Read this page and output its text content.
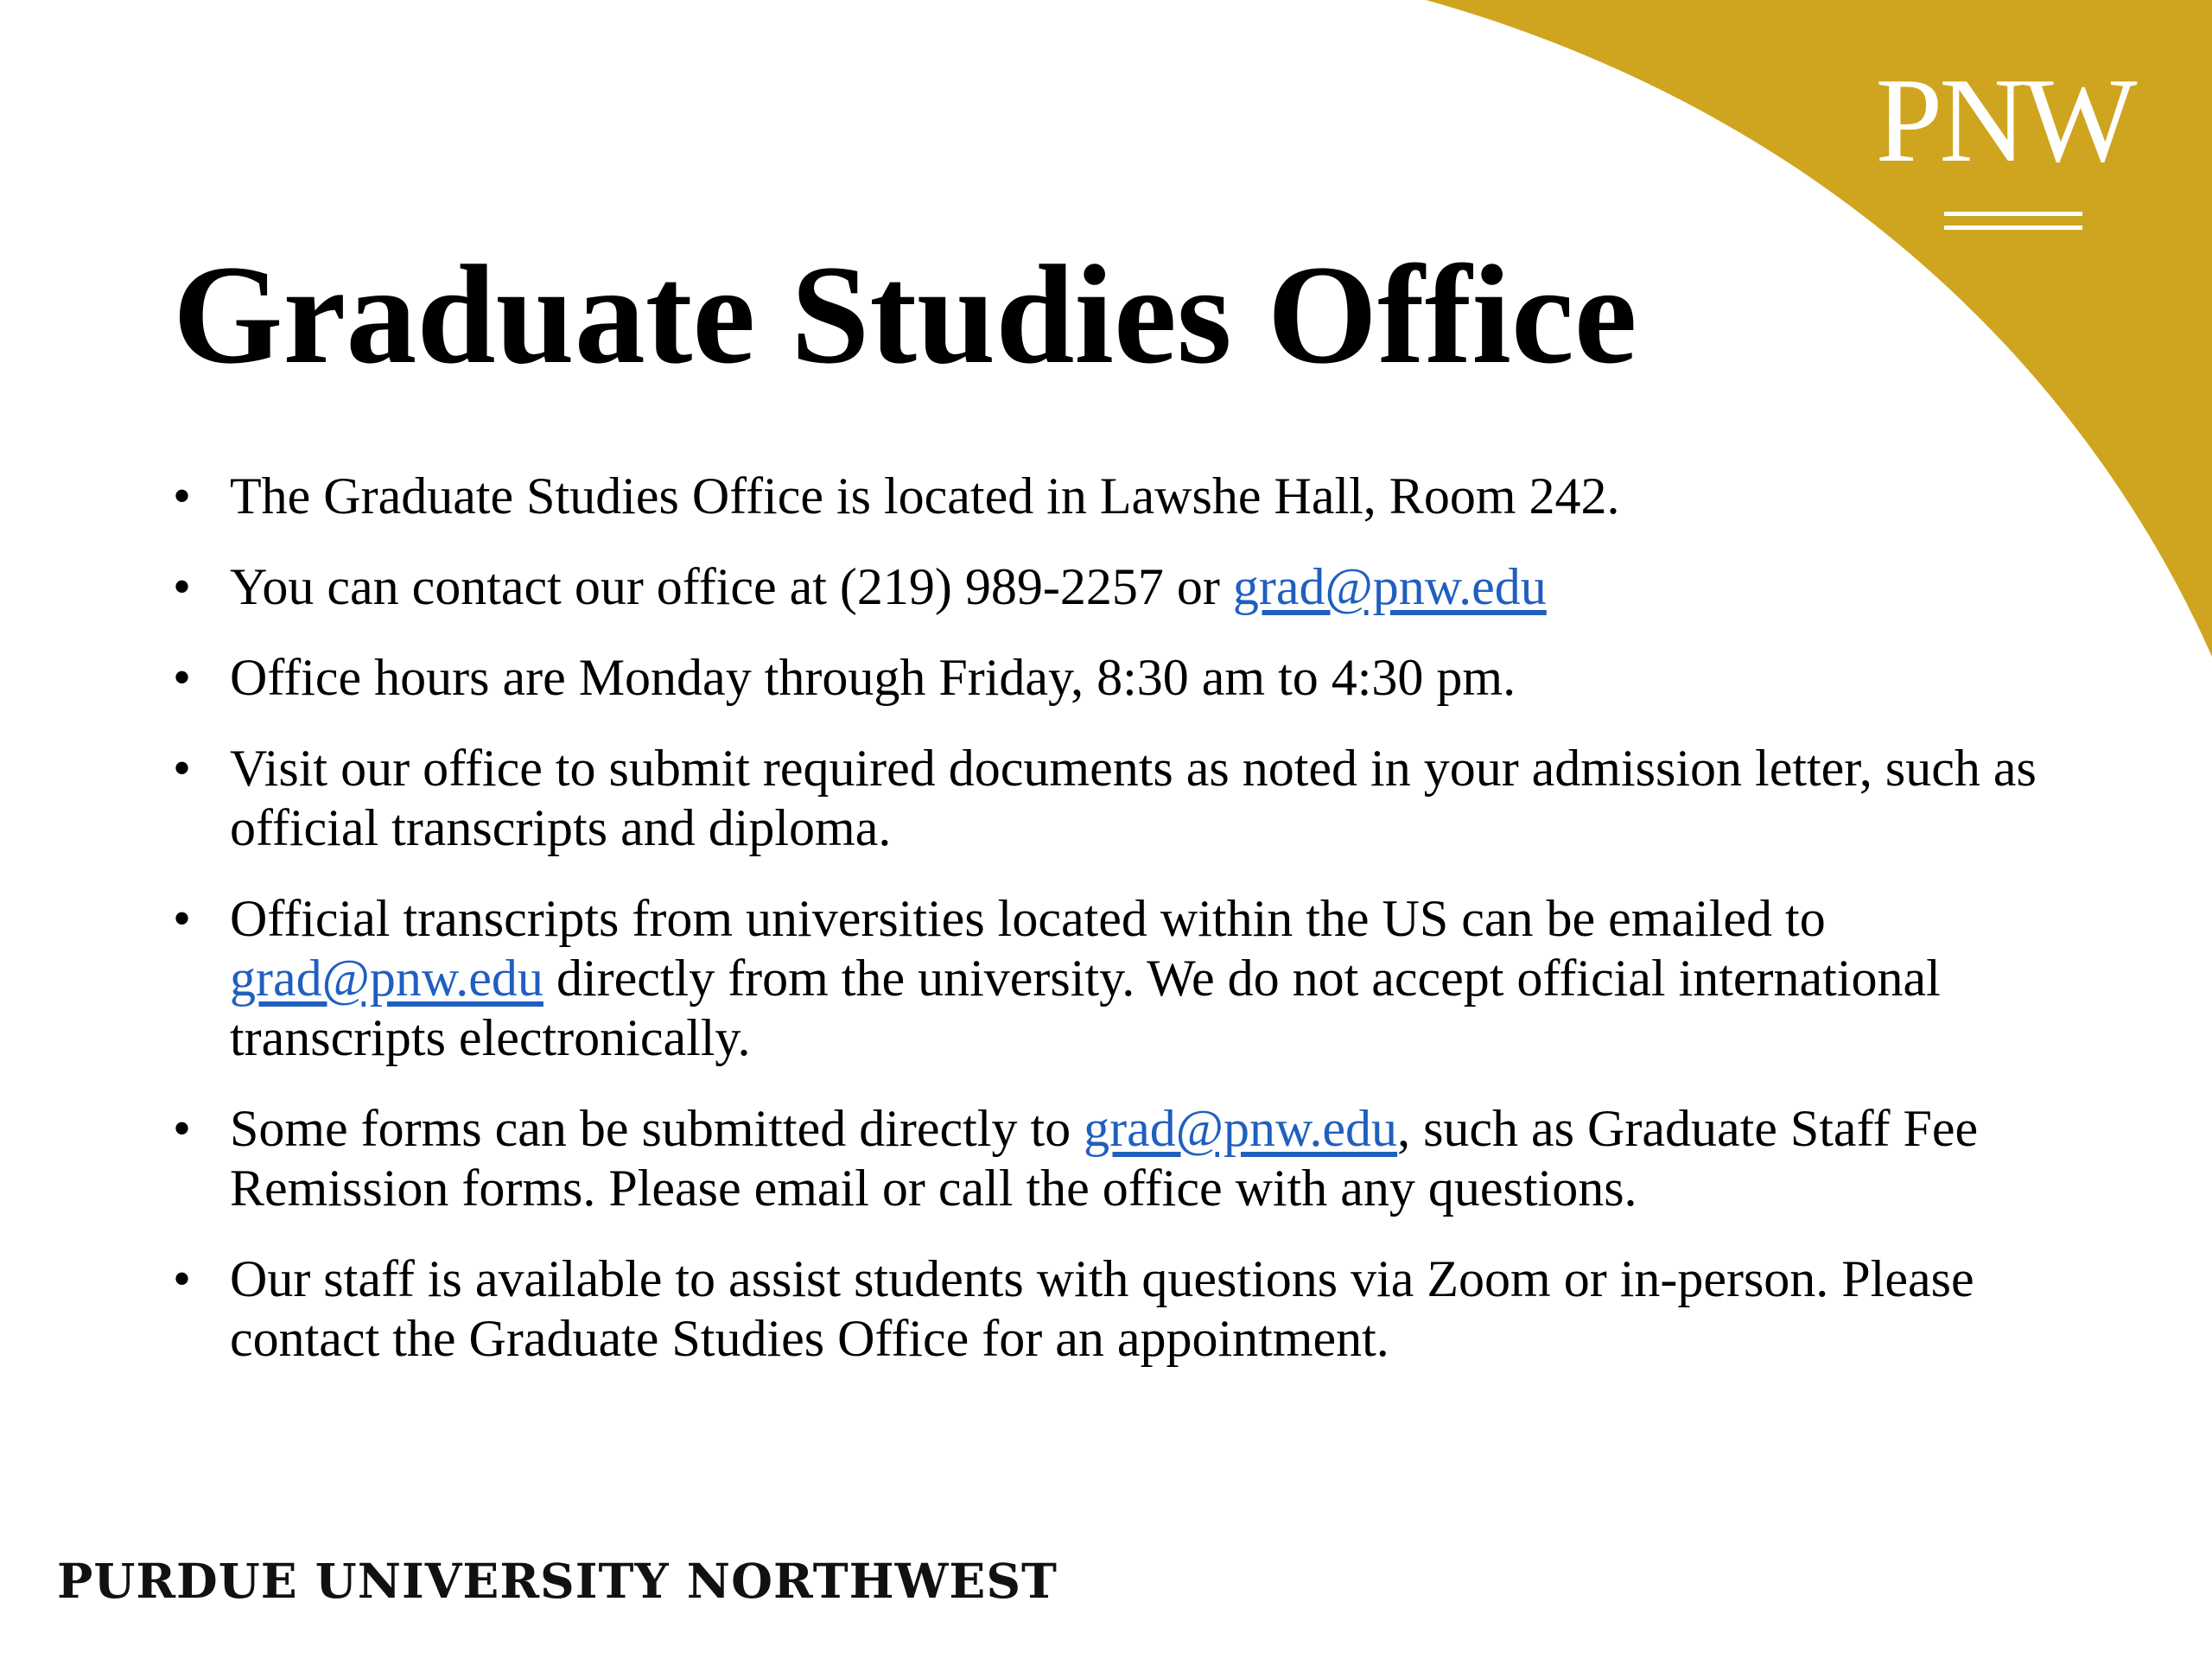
PNW
Graduate Studies Office
• The Graduate Studies Office is located in Lawshe Hall, Room 242.
• You can contact our office at (219) 989-2257 or grad@pnw.edu
• Office hours are Monday through Friday, 8:30 am to 4:30 pm.
• Visit our office to submit required documents as noted in your admission letter, such as official transcripts and diploma.
• Official transcripts from universities located within the US can be emailed to grad@pnw.edu directly from the university. We do not accept official international transcripts electronically.
• Some forms can be submitted directly to grad@pnw.edu, such as Graduate Staff Fee Remission forms. Please email or call the office with any questions.
• Our staff is available to assist students with questions via Zoom or in-person. Please contact the Graduate Studies Office for an appointment.
PURDUE UNIVERSITY NORTHWEST
